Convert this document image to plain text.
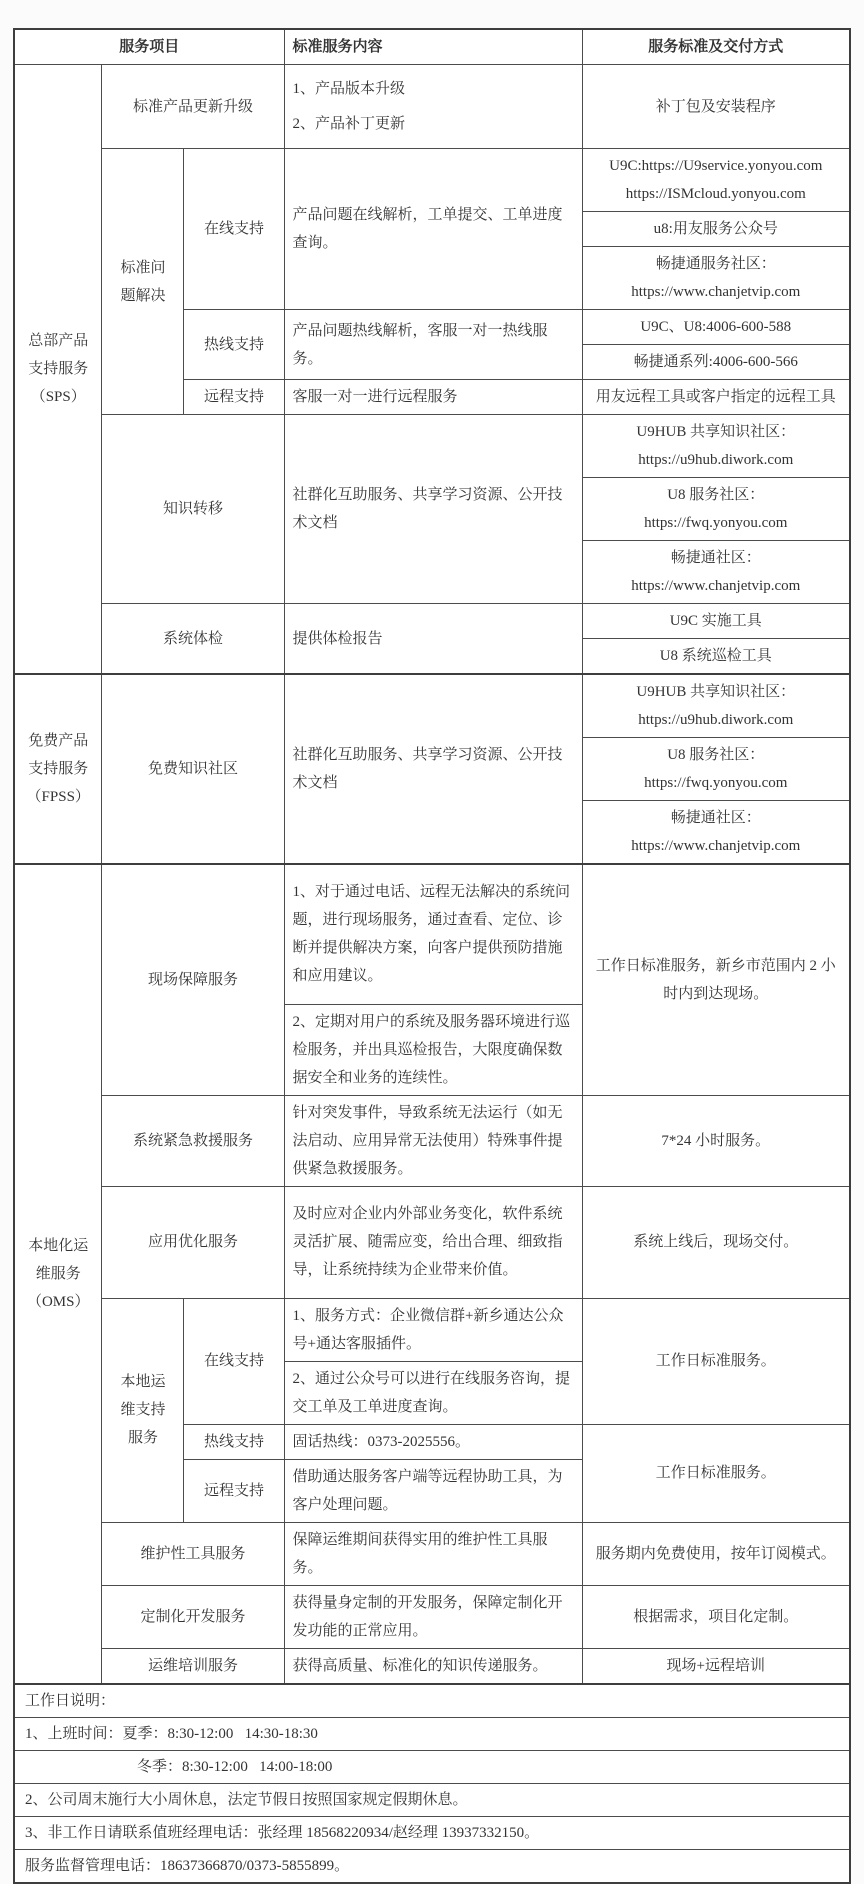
服务项目			标准服务内容	服务标准及交付方式
总部产品支持服务（SPS）	标准产品更新升级		1、产品版本升级
2、产品补丁更新	补丁包及安装程序
	标准问题解决	在线支持	产品问题在线解析，工单提交、工单进度查询。	U9C:https://U9service.yonyou.com
https://ISMcloud.yonyou.com

				u8:用友服务公众号

				畅捷通服务社区：
https://www.chanjetvip.com

		热线支持	产品问题热线解析，客服一对一热线服务。	U9C、U8:4006-600-588
				畅捷通系列:4006-600-566
		远程支持	客服一对一进行远程服务	用友远程工具或客户指定的远程工具
	知识转移		社群化互助服务、共享学习资源、公开技术文档	U9HUB 共享知识社区：
https://u9hub.diwork.com

				U8 服务社区：
https://fwq.yonyou.com

				畅捷通社区：
https://www.chanjetvip.com

	系统体检		提供体检报告	U9C 实施工具
				U8 系统巡检工具
免费产品支持服务（FPSS）	免费知识社区		社群化互助服务、共享学习资源、公开技术文档	U9HUB 共享知识社区：
https://u9hub.diwork.com

				U8 服务社区：
https://fwq.yonyou.com

				畅捷通社区：
https://www.chanjetvip.com

本地化运维服务（OMS）	现场保障服务		1、对于通过电话、远程无法解决的系统问题，进行现场服务，通过查看、定位、诊断并提供解决方案，向客户提供预防措施和应用建议。	工作日标准服务，新乡市范围内 2 小时内到达现场。
			2、定期对用户的系统及服务器环境进行巡检服务，并出具巡检报告，大限度确保数据安全和业务的连续性。	
	系统紧急救援服务		针对突发事件，导致系统无法运行（如无法启动、应用异常无法使用）特殊事件提供紧急救援服务。	7*24 小时服务。
	应用优化服务		及时应对企业内外部业务变化，软件系统灵活扩展、随需应变，给出合理、细致指导，让系统持续为企业带来价值。	系统上线后，现场交付。
	本地运维支持服务	在线支持	1、服务方式：企业微信群+新乡通达公众号+通达客服插件。	工作日标准服务。
			2、通过公众号可以进行在线服务咨询，提交工单及工单进度查询。	
		热线支持	固话热线：0373-2025556。	工作日标准服务。
		远程支持	借助通达服务客户端等远程协助工具，为客户处理问题。	
	维护性工具服务		保障运维期间获得实用的维护性工具服务。	服务期内免费使用，按年订阅模式。
	定制化开发服务		获得量身定制的开发服务，保障定制化开发功能的正常应用。	根据需求，项目化定制。
	运维培训服务		获得高质量、标准化的知识传递服务。	现场+远程培训
工作日说明：				
1、上班时间：夏季：8:30-12:00   14:30-18:30				
冬季：8:30-12:00   14:00-18:00				
2、公司周末施行大小周休息，法定节假日按照国家规定假期休息。				
3、非工作日请联系值班经理电话：张经理 18568220934/赵经理 13937332150。				
服务监督管理电话：18637366870/0373-5855899。				
